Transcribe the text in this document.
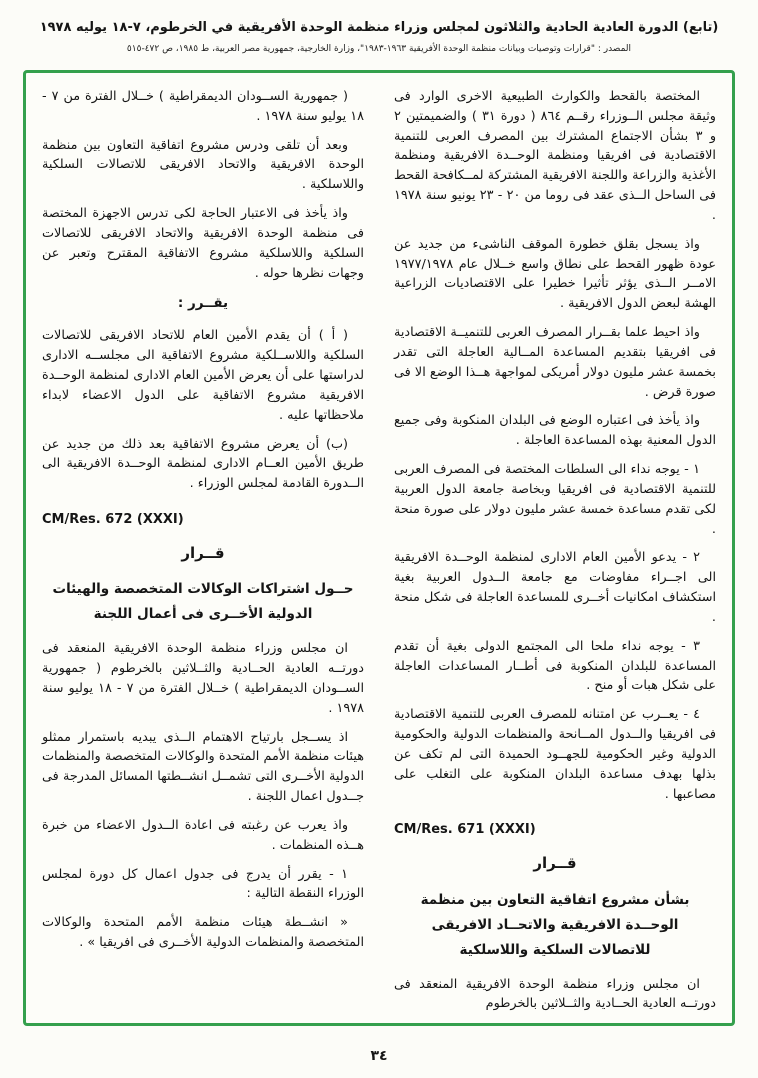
(تابع) الدورة العادية الحادية والثلاثون لمجلس وزراء منظمة الوحدة الأفريقية في الخرطوم، ٧-١٨ يوليه ١٩٧٨
المصدر : "قرارات وتوصيات وبيانات منظمة الوحدة الأفريقية ١٩٦٣-١٩٨٣"، وزارة الخارجية، جمهورية مصر العربية، ط ١٩٨٥، ص ٤٧٢-٥١٥

المختصة بالقحط والكوارث الطبيعية الاخرى الوارد فى وثيقة مجلس الــوزراء رقــم ٨٦٤ ( دورة ٣١ ) والضميمتين ٢ و ٣ بشأن الاجتماع المشترك بين المصرف العربى للتنمية الاقتصادية فى افريقيا ومنظمة الوحــدة الافريقية ومنظمة الأغذية والزراعة واللجنة الافريقية المشتركة لمــكافحة القحط فى الساحل الــذى عقد فى روما من ٢٠ - ٢٣ يونيو سنة ١٩٧٨ .

واذ يسجل بقلق خطورة الموقف الناشىء من جديد عن عودة ظهور القحط على نطاق واسع خــلال عام ١٩٧٧/١٩٧٨ الامــر الــذى يؤثر تأثيرا خطيرا على الاقتصاديات الزراعية الهشة لبعض الدول الافريقية .

واذ احيط علما بقــرار المصرف العربى للتنميــة الاقتصادية فى افريقيا بتقديم المساعدة المــالية العاجلة التى تقدر بخمسة عشر مليون دولار أمريكى لمواجهة هــذا الوضع الا فى صورة قرض .

واذ يأخذ فى اعتباره الوضع فى البلدان المنكوبة وفى جميع الدول المعنية بهذه المساعدة العاجلة .

١ - يوجه نداء الى السلطات المختصة فى المصرف العربى للتنمية الاقتصادية فى افريقيا وبخاصة جامعة الدول العربية لكى تقدم مساعدة خمسة عشر مليون دولار على صورة منحة .

٢ - يدعو الأمين العام الادارى لمنظمة الوحــدة الافريقية الى اجــراء مفاوضات مع جامعة الــدول العربية بغية استكشاف امكانيات أخــرى للمساعدة العاجلة فى شكل منحة .

٣ - يوجه نداء ملحا الى المجتمع الدولى بغية أن تقدم المساعدة للبلدان المنكوبة فى أطــار المساعدات العاجلة على شكل هبات أو منح .

٤ - يعــرب عن امتنانه للمصرف العربى للتنمية الاقتصادية فى افريقيا والــدول المــانحة والمنظمات الدولية والحكومية الدولية وغير الحكومية للجهــود الحميدة التى لم تكف عن بذلها بهدف مساعدة البلدان المنكوبة على التغلب على مصاعبها .

CM/Res. 671 (XXXI)

قــرار
بشأن مشروع اتفاقية التعاون بين منظمة الوحــدة الافريقية والاتحــاد الافريقى للاتصالات السلكية واللاسلكية

ان مجلس وزراء منظمة الوحدة الافريقية المنعقد فى دورتــه العادية الحــادية والثــلاثين بالخرطوم

( جمهورية الســودان الديمقراطية ) خــلال الفترة من ٧ - ١٨ يوليو سنة ١٩٧٨ .

وبعد أن تلقى ودرس مشروع اتفاقية التعاون بين منظمة الوحدة الافريقية والاتحاد الافريقى للاتصالات السلكية واللاسلكية .

واذ يأخذ فى الاعتبار الحاجة لكى تدرس الاجهزة المختصة فى منظمة الوحدة الافريقية والاتحاد الافريقى للاتصالات السلكية واللاسلكية مشروع الاتفاقية المقترح وتعبر عن وجهات نظرها حوله .

يقــرر :

( أ ) أن يقدم الأمين العام للاتحاد الافريقى للاتصالات السلكية واللاســلكية مشروع الاتفاقية الى مجلســه الادارى لدراستها على أن يعرض الأمين العام الادارى لمنظمة الوحــدة الافريقية مشروع الاتفاقية على الدول الاعضاء لابداء ملاحظاتها عليه .

(ب) أن يعرض مشروع الاتفاقية بعد ذلك من جديد عن طريق الأمين العــام الادارى لمنظمة الوحــدة الافريقية الى الــدورة القادمة لمجلس الوزراء .

CM/Res. 672 (XXXI)

قــرار
حــول اشتراكات الوكالات المتخصصة والهيئات الدولية الأخــرى فى أعمال اللجنة

ان مجلس وزراء منظمة الوحدة الافريقية المنعقد فى دورتــه العادية الحــادية والثــلاثين بالخرطوم ( جمهورية الســودان الديمقراطية ) خــلال الفترة من ٧ - ١٨ يوليو سنة ١٩٧٨ .

اذ يســجل بارتياح الاهتمام الــذى يبديه باستمرار ممثلو هيئات منظمة الأمم المتحدة والوكالات المتخصصة والمنظمات الدولية الأخــرى التى تشمــل انشــطتها المسائل المدرجة فى جــدول اعمال اللجنة .

واذ يعرب عن رغبته فى اعادة الــدول الاعضاء من خبرة هــذه المنظمات .

١ - يقرر أن يدرج فى جدول اعمال كل دورة لمجلس الوزراء النقطة التالية :

« انشــطة هيئات منظمة الأمم المتحدة والوكالات المتخصصة والمنظمات الدولية الأخــرى فى افريقيا » .

٣٤
